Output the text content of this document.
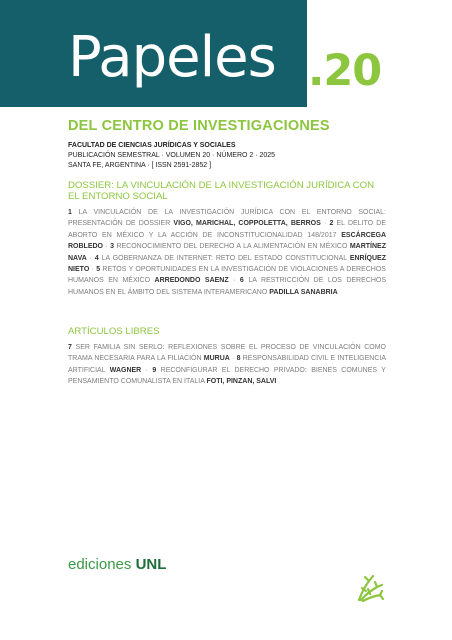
Papeles .20
DEL CENTRO DE INVESTIGACIONES
FACULTAD DE CIENCIAS JURÍDICAS Y SOCIALES
PUBLICACIÓN SEMESTRAL · VOLUMEN 20 · NÚMERO 2 · 2025
SANTA FE, ARGENTINA · [ ISSN 2591-2852 ]
DOSSIER: LA VINCULACIÓN DE LA INVESTIGACIÓN JURÍDICA CON EL ENTORNO SOCIAL

1 LA VINCULACIÓN DE LA INVESTIGACIÓN JURÍDICA CON EL ENTORNO SOCIAL: PRESENTACIÓN DE DOSSIER VIGO, MARICHAL, COPPOLETTA, BERROS · 2 EL DELITO DE ABORTO EN MÉXICO Y LA ACCIÓN DE INCONSTITUCIONALIDAD 148/2017 ESCÁRCEGA ROBLEDO · 3 RECONOCIMIENTO DEL DERECHO A LA ALIMENTACIÓN EN MÉXICO MARTÍNEZ NAVA · 4 LA GOBERNANZA DE INTERNET: RETO DEL ESTADO CONSTITUCIONAL ENRÍQUEZ NIETO · 5 RETOS Y OPORTUNIDADES EN LA INVESTIGACIÓN DE VIOLACIONES A DERECHOS HUMANOS EN MÉXICO ARREDONDO SAENZ · 6 LA RESTRICCIÓN DE LOS DERECHOS HUMANOS EN EL ÁMBITO DEL SISTEMA INTERAMERICANO PADILLA SANABRIA

ARTÍCULOS LIBRES

7 SER FAMILIA SIN SERLO: REFLEXIONES SOBRE EL PROCESO DE VINCULACIÓN COMO TRAMA NECESARIA PARA LA FILIACIÓN MURUA · 8 RESPONSABILIDAD CIVIL E INTELIGENCIA ARTIFICIAL WAGNER · 9 RECONFIGURAR EL DERECHO PRIVADO: BIENES COMUNES Y PENSAMIENTO COMUNALISTA EN ITALIA FOTI, PINZAN, SALVI

ediciones UNL
